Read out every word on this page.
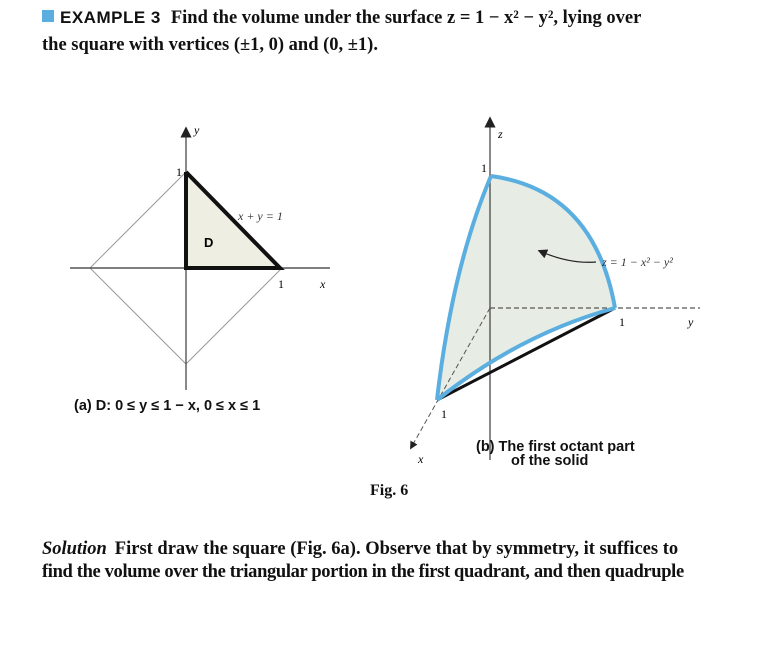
EXAMPLE 3 Find the volume under the surface z = 1 − x² − y², lying over
the square with vertices (±1, 0) and (0, ±1).
y
x
1
1
x + y = 1
D
z = 1 − x² − y²
z
y
x
1
1
1
(a) D: 0 ≤ y ≤ 1 − x, 0 ≤ x ≤ 1
(b) The first octant part
of the solid
Fig. 6
Solution First draw the square (Fig. 6a). Observe that by symmetry, it suffices to
find the volume over the triangular portion in the first quadrant, and then quadruple
